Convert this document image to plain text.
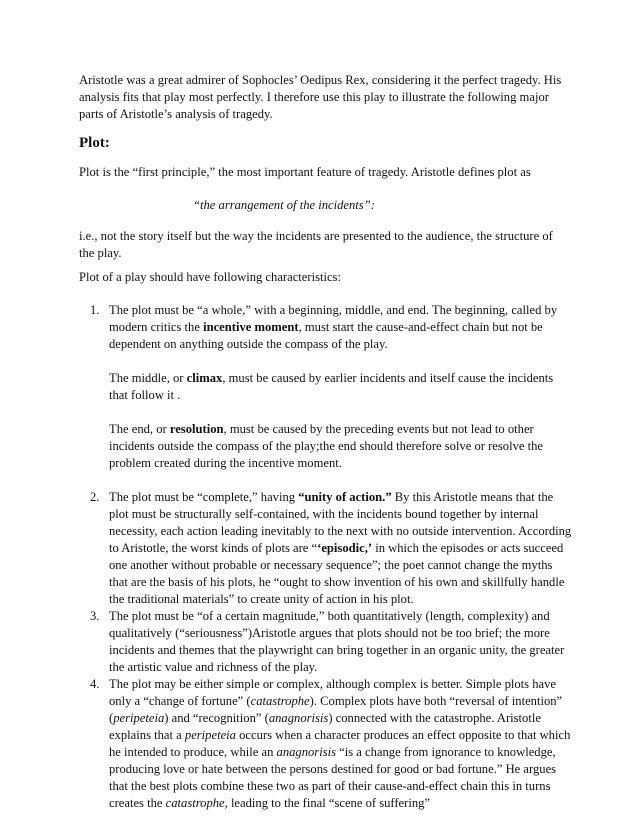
Aristotle was a great admirer of Sophocles’ Oedipus Rex, considering it the perfect tragedy. His
analysis fits that play most perfectly. I therefore use this play to illustrate the following major
parts of Aristotle’s analysis of tragedy.

Plot:

Plot is the “first principle,” the most important feature of tragedy. Aristotle defines plot as

“the arrangement of the incidents”:

i.e., not the story itself but the way the incidents are presented to the audience, the structure of
the play.

Plot of a play should have following characteristics:

1. The plot must be “a whole,” with a beginning, middle, and end. The beginning, called by modern critics the incentive moment, must start the cause-and-effect chain but not be dependent on anything outside the compass of the play.

The middle, or climax, must be caused by earlier incidents and itself cause the incidents that follow it .

The end, or resolution, must be caused by the preceding events but not lead to other incidents outside the compass of the play;the end should therefore solve or resolve the problem created during the incentive moment.

2. The plot must be “complete,” having “unity of action.” By this Aristotle means that the plot must be structurally self-contained, with the incidents bound together by internal necessity, each action leading inevitably to the next with no outside intervention. According to Aristotle, the worst kinds of plots are “‘episodic,’ in which the episodes or acts succeed one another without probable or necessary sequence”; the poet cannot change the myths that are the basis of his plots, he “ought to show invention of his own and skillfully handle the traditional materials” to create unity of action in his plot.

3. The plot must be “of a certain magnitude,” both quantitatively (length, complexity) and qualitatively (“seriousness”)Aristotle argues that plots should not be too brief; the more incidents and themes that the playwright can bring together in an organic unity, the greater the artistic value and richness of the play.

4. The plot may be either simple or complex, although complex is better. Simple plots have only a “change of fortune” (catastrophe). Complex plots have both “reversal of intention” (peripeteia) and “recognition” (anagnorisis) connected with the catastrophe. Aristotle explains that a peripeteia occurs when a character produces an effect opposite to that which he intended to produce, while an anagnorisis “is a change from ignorance to knowledge, producing love or hate between the persons destined for good or bad fortune.” He argues that the best plots combine these two as part of their cause-and-effect chain this in turns creates the catastrophe, leading to the final “scene of suffering”
